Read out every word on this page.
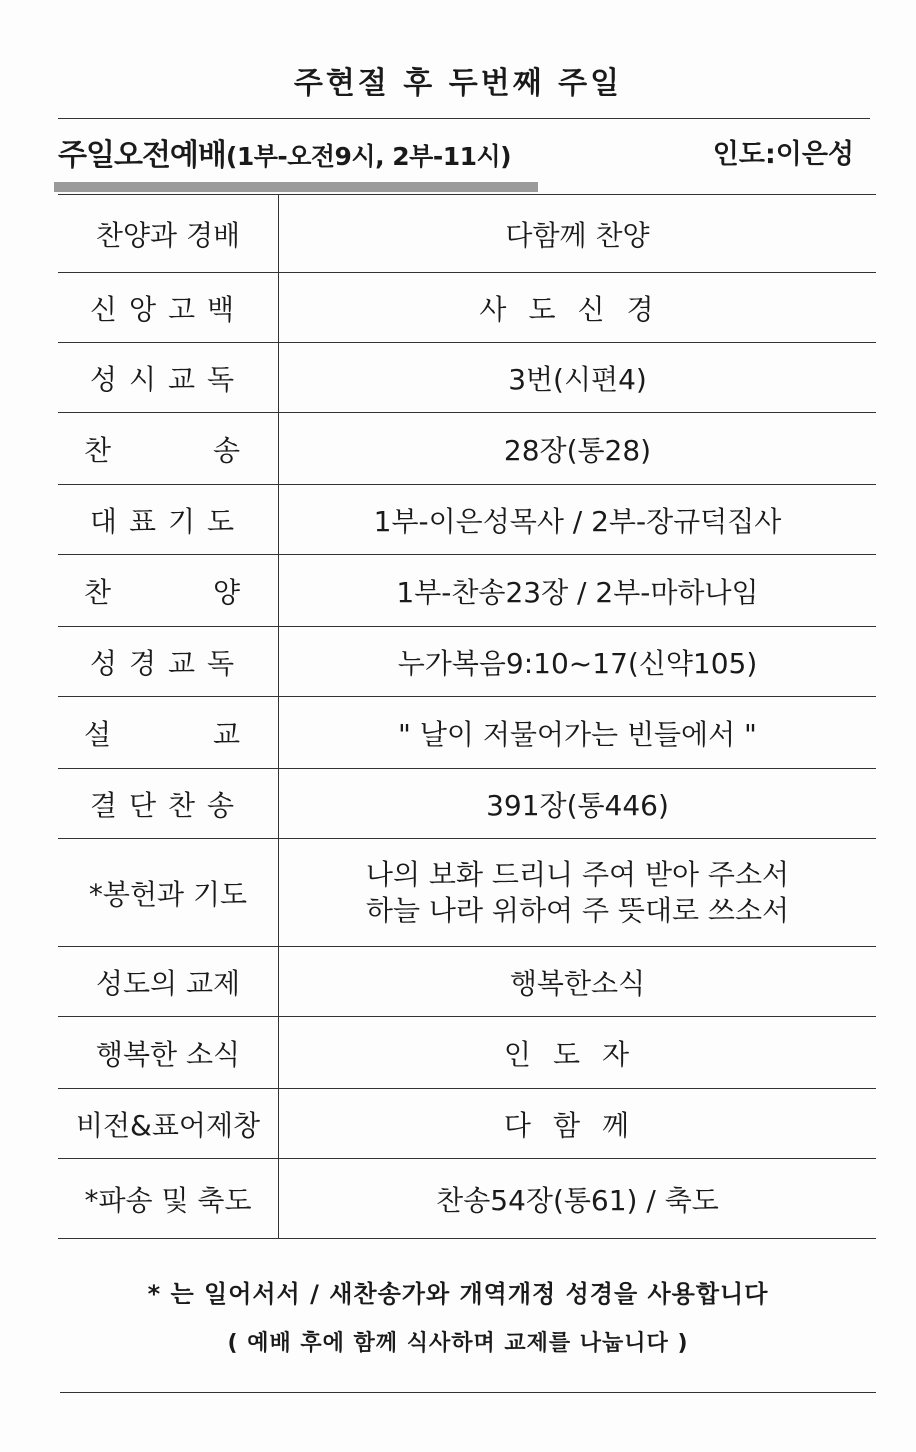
주현절 후 두번째 주일
주일오전예배(1부-오전9시, 2부-11시)	인도:이은성
찬양과 경배	다함께 찬양
신앙고백	사도신경
성시교독	3번(시편4)

찬 송	28장(통28)
대표기도	1부-이은성목사 / 2부-장규덕집사

찬 양	1부-찬송23장 / 2부-마하나임
성경교독	누가복음9:10~17(신약105)

설 교	" 날이 저물어가는 빈들에서 "
결단찬송	391장(통446)
*봉헌과 기도	나의 보화 드리니 주여 받아 주소서
하늘 나라 위하여 주 뜻대로 쓰소서

성도의 교제	행복한소식
행복한 소식	인도자
비전&표어제창	다함께
*파송 및 축도	찬송54장(통61) / 축도
* 는 일어서서 / 새찬송가와 개역개정 성경을 사용합니다
( 예배 후에 함께 식사하며 교제를 나눕니다 )
